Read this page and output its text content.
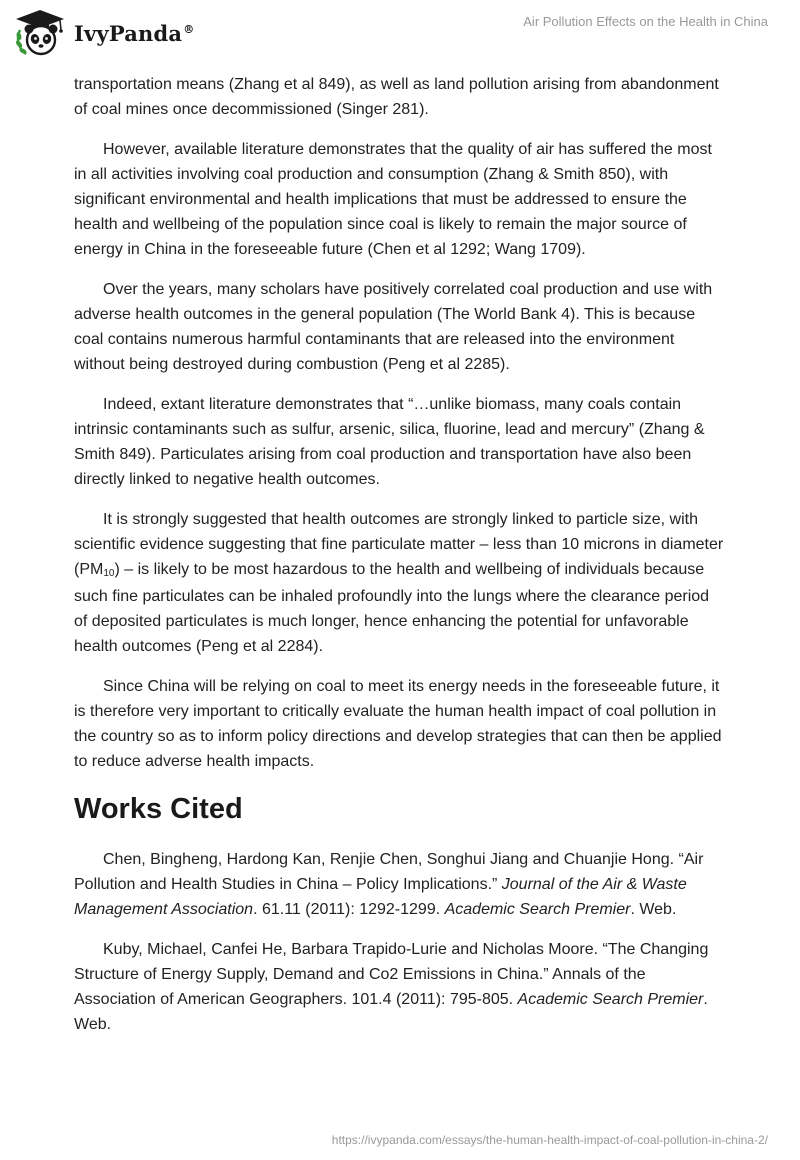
IvyPanda®	Air Pollution Effects on the Health in China

transportation means (Zhang et al 849), as well as land pollution arising from abandonment of coal mines once decommissioned (Singer 281).

However, available literature demonstrates that the quality of air has suffered the most in all activities involving coal production and consumption (Zhang & Smith 850), with significant environmental and health implications that must be addressed to ensure the health and wellbeing of the population since coal is likely to remain the major source of energy in China in the foreseeable future (Chen et al 1292; Wang 1709).

Over the years, many scholars have positively correlated coal production and use with adverse health outcomes in the general population (The World Bank 4). This is because coal contains numerous harmful contaminants that are released into the environment without being destroyed during combustion (Peng et al 2285).

Indeed, extant literature demonstrates that “…unlike biomass, many coals contain intrinsic contaminants such as sulfur, arsenic, silica, fluorine, lead and mercury” (Zhang & Smith 849). Particulates arising from coal production and transportation have also been directly linked to negative health outcomes.

It is strongly suggested that health outcomes are strongly linked to particle size, with scientific evidence suggesting that fine particulate matter – less than 10 microns in diameter $(PM_{10})$ – is likely to be most hazardous to the health and wellbeing of individuals because such fine particulates can be inhaled profoundly into the lungs where the clearance period of deposited particulates is much longer, hence enhancing the potential for unfavorable health outcomes (Peng et al 2284).

Since China will be relying on coal to meet its energy needs in the foreseeable future, it is therefore very important to critically evaluate the human health impact of coal pollution in the country so as to inform policy directions and develop strategies that can then be applied to reduce adverse health impacts.

Works Cited

Chen, Bingheng, Hardong Kan, Renjie Chen, Songhui Jiang and Chuanjie Hong. “Air Pollution and Health Studies in China – Policy Implications.” Journal of the Air & Waste Management Association. 61.11 (2011): 1292-1299. Academic Search Premier. Web.

Kuby, Michael, Canfei He, Barbara Trapido-Lurie and Nicholas Moore. “The Changing Structure of Energy Supply, Demand and Co2 Emissions in China.” Annals of the Association of American Geographers. 101.4 (2011): 795-805. Academic Search Premier. Web.

https://ivypanda.com/essays/the-human-health-impact-of-coal-pollution-in-china-2/
